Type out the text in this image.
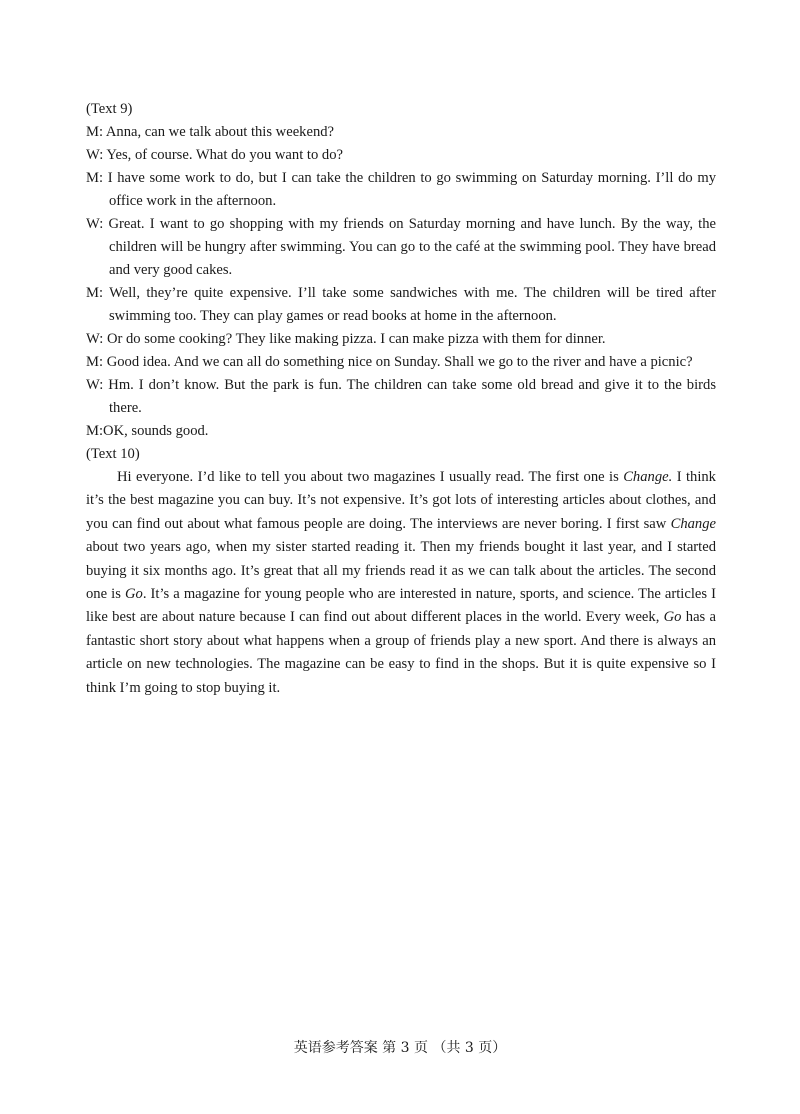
(Text 9)

M: Anna, can we talk about this weekend?

W: Yes, of course. What do you want to do?

M: I have some work to do, but I can take the children to go swimming on Saturday morning. I’ll do my office work in the afternoon.

W: Great. I want to go shopping with my friends on Saturday morning and have lunch. By the way, the children will be hungry after swimming. You can go to the café at the swimming pool. They have bread and very good cakes.

M: Well, they’re quite expensive. I’ll take some sandwiches with me. The children will be tired after swimming too. They can play games or read books at home in the afternoon.

W: Or do some cooking? They like making pizza. I can make pizza with them for dinner.

M: Good idea. And we can all do something nice on Sunday. Shall we go to the river and have a picnic?

W: Hm. I don’t know. But the park is fun. The children can take some old bread and give it to the birds there.

M:OK, sounds good.

(Text 10)

Hi everyone. I’d like to tell you about two magazines I usually read. The first one is Change. I think it’s the best magazine you can buy. It’s not expensive. It’s got lots of interesting articles about clothes, and you can find out about what famous people are doing. The interviews are never boring. I first saw Change about two years ago, when my sister started reading it. Then my friends bought it last year, and I started buying it six months ago. It’s great that all my friends read it as we can talk about the articles. The second one is Go. It’s a magazine for young people who are interested in nature, sports, and science. The articles I like best are about nature because I can find out about different places in the world. Every week, Go has a fantastic short story about what happens when a group of friends play a new sport. And there is always an article on new technologies. The magazine can be easy to find in the shops. But it is quite expensive so I think I’m going to stop buying it.

英语参考答案 第 3 页 （共 3 页）
